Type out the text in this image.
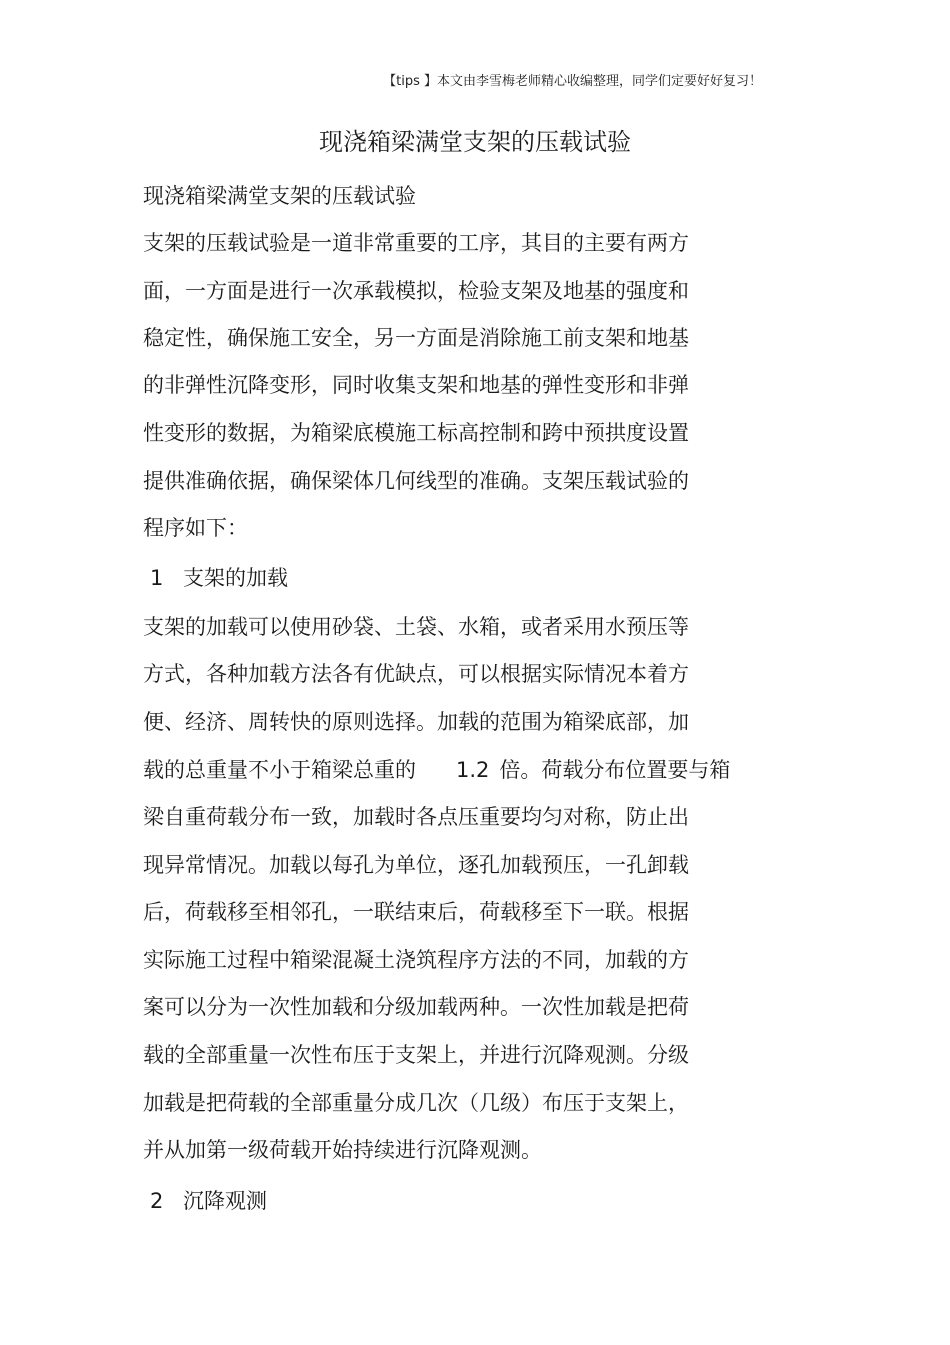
【tips 】本文由李雪梅老师精心收编整理，同学们定要好好复习！
现浇箱梁满堂支架的压载试验
现浇箱梁满堂支架的压载试验
支架的压载试验是一道非常重要的工序，其目的主要有两方
面，一方面是进行一次承载模拟，检验支架及地基的强度和
稳定性，确保施工安全，另一方面是消除施工前支架和地基
的非弹性沉降变形，同时收集支架和地基的弹性变形和非弹
性变形的数据，为箱梁底模施工标高控制和跨中预拱度设置
提供准确依据，确保梁体几何线型的准确。支架压载试验的
程序如下：
1 支架的加载
支架的加载可以使用砂袋、土袋、水箱，或者采用水预压等
方式，各种加载方法各有优缺点，可以根据实际情况本着方
便、经济、周转快的原则选择。加载的范围为箱梁底部，加
载的总重量不小于箱梁总重的 1.2 倍。荷载分布位置要与箱
梁自重荷载分布一致，加载时各点压重要均匀对称，防止出
现异常情况。加载以每孔为单位，逐孔加载预压，一孔卸载
后，荷载移至相邻孔，一联结束后，荷载移至下一联。根据
实际施工过程中箱梁混凝土浇筑程序方法的不同，加载的方
案可以分为一次性加载和分级加载两种。一次性加载是把荷
载的全部重量一次性布压于支架上，并进行沉降观测。分级
加载是把荷载的全部重量分成几次（几级）布压于支架上，
并从加第一级荷载开始持续进行沉降观测。
2 沉降观测
